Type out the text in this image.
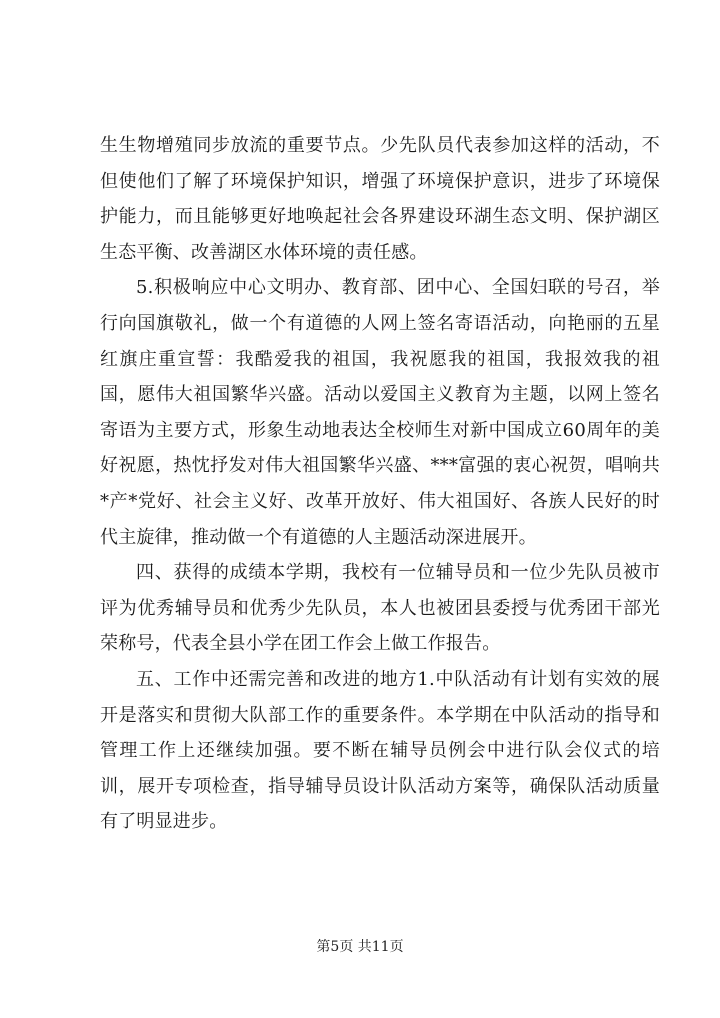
生生物增殖同步放流的重要节点。少先队员代表参加这样的活动，不但使他们了解了环境保护知识，增强了环境保护意识，进步了环境保护能力，而且能够更好地唤起社会各界建设环湖生态文明、保护湖区生态平衡、改善湖区水体环境的责任感。

5.积极响应中心文明办、教育部、团中心、全国妇联的号召，举行向国旗敬礼，做一个有道德的人网上签名寄语活动，向艳丽的五星红旗庄重宣誓：我酷爱我的祖国，我祝愿我的祖国，我报效我的祖国，愿伟大祖国繁华兴盛。活动以爱国主义教育为主题，以网上签名寄语为主要方式，形象生动地表达全校师生对新中国成立60周年的美好祝愿，热忱抒发对伟大祖国繁华兴盛、***富强的衷心祝贺，唱响共*产*党好、社会主义好、改革开放好、伟大祖国好、各族人民好的时代主旋律，推动做一个有道德的人主题活动深进展开。

四、获得的成绩本学期，我校有一位辅导员和一位少先队员被市评为优秀辅导员和优秀少先队员，本人也被团县委授与优秀团干部光荣称号，代表全县小学在团工作会上做工作报告。

五、工作中还需完善和改进的地方1.中队活动有计划有实效的展开是落实和贯彻大队部工作的重要条件。本学期在中队活动的指导和管理工作上还继续加强。要不断在辅导员例会中进行队会仪式的培训，展开专项检查，指导辅导员设计队活动方案等，确保队活动质量有了明显进步。

第5页 共11页
